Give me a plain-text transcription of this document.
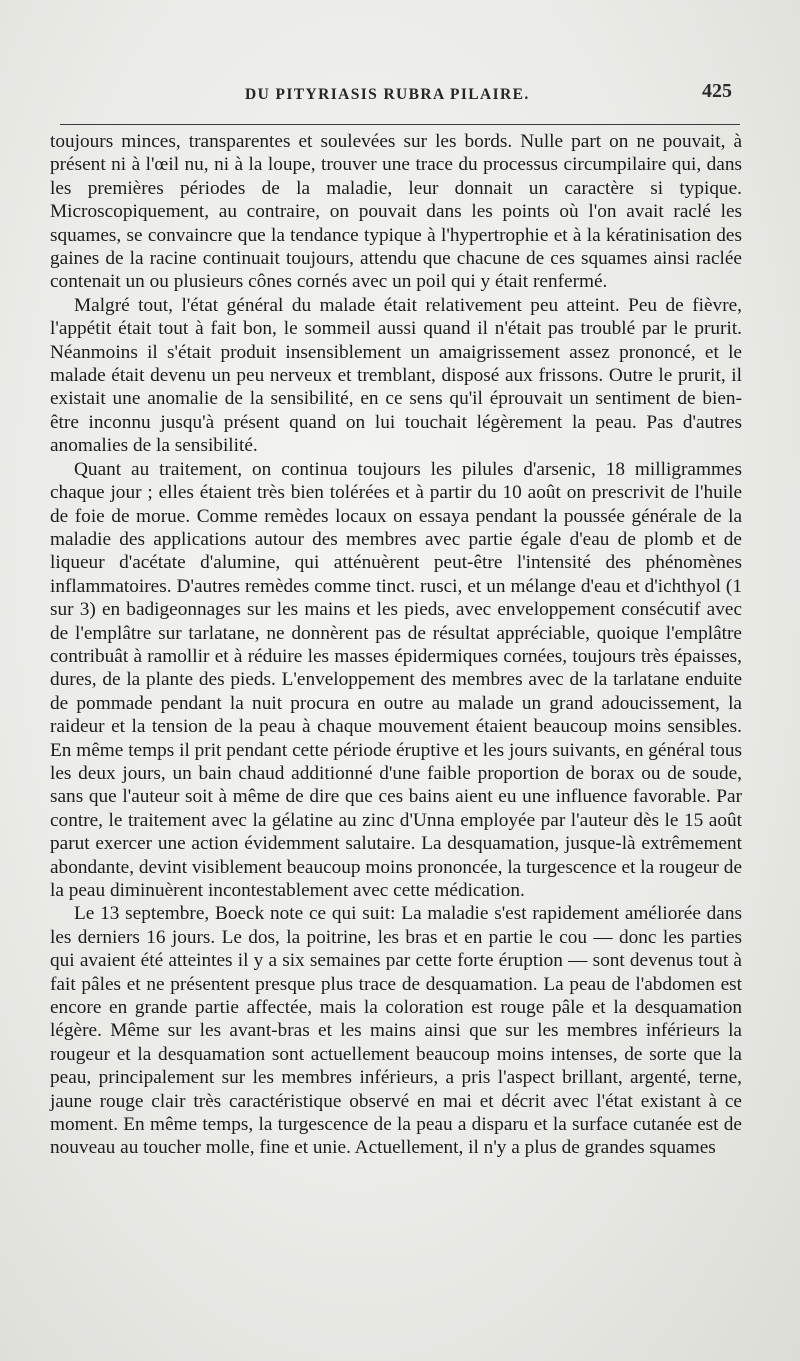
DU PITYRIASIS RUBRA PILAIRE.	425

toujours minces, transparentes et soulevées sur les bords. Nulle part on ne pouvait, à présent ni à l'œil nu, ni à la loupe, trouver une trace du processus circumpilaire qui, dans les premières périodes de la maladie, leur donnait un caractère si typique. Microscopiquement, au contraire, on pouvait dans les points où l'on avait raclé les squames, se convaincre que la tendance typique à l'hypertrophie et à la kératinisation des gaines de la racine continuait toujours, attendu que chacune de ces squames ainsi raclée contenait un ou plusieurs cônes cornés avec un poil qui y était renfermé.

Malgré tout, l'état général du malade était relativement peu atteint. Peu de fièvre, l'appétit était tout à fait bon, le sommeil aussi quand il n'était pas troublé par le prurit. Néanmoins il s'était produit insensiblement un amaigrissement assez prononcé, et le malade était devenu un peu nerveux et tremblant, disposé aux frissons. Outre le prurit, il existait une anomalie de la sensibilité, en ce sens qu'il éprouvait un sentiment de bien-être inconnu jusqu'à présent quand on lui touchait légèrement la peau. Pas d'autres anomalies de la sensibilité.

Quant au traitement, on continua toujours les pilules d'arsenic, 18 milligrammes chaque jour ; elles étaient très bien tolérées et à partir du 10 août on prescrivit de l'huile de foie de morue. Comme remèdes locaux on essaya pendant la poussée générale de la maladie des applications autour des membres avec partie égale d'eau de plomb et de liqueur d'acétate d'alumine, qui atténuèrent peut-être l'intensité des phénomènes inflammatoires. D'autres remèdes comme tinct. rusci, et un mélange d'eau et d'ichthyol (1 sur 3) en badigeonnages sur les mains et les pieds, avec enveloppement consécutif avec de l'emplâtre sur tarlatane, ne donnèrent pas de résultat appréciable, quoique l'emplâtre contribuât à ramollir et à réduire les masses épidermiques cornées, toujours très épaisses, dures, de la plante des pieds. L'enveloppement des membres avec de la tarlatane enduite de pommade pendant la nuit procura en outre au malade un grand adoucissement, la raideur et la tension de la peau à chaque mouvement étaient beaucoup moins sensibles. En même temps il prit pendant cette période éruptive et les jours suivants, en général tous les deux jours, un bain chaud additionné d'une faible proportion de borax ou de soude, sans que l'auteur soit à même de dire que ces bains aient eu une influence favorable. Par contre, le traitement avec la gélatine au zinc d'Unna employée par l'auteur dès le 15 août parut exercer une action évidemment salutaire. La desquamation, jusque-là extrêmement abondante, devint visiblement beaucoup moins prononcée, la turgescence et la rougeur de la peau diminuèrent incontestablement avec cette médication.

Le 13 septembre, Boeck note ce qui suit: La maladie s'est rapidement améliorée dans les derniers 16 jours. Le dos, la poitrine, les bras et en partie le cou — donc les parties qui avaient été atteintes il y a six semaines par cette forte éruption — sont devenus tout à fait pâles et ne présentent presque plus trace de desquamation. La peau de l'abdomen est encore en grande partie affectée, mais la coloration est rouge pâle et la desquamation légère. Même sur les avant-bras et les mains ainsi que sur les membres inférieurs la rougeur et la desquamation sont actuellement beaucoup moins intenses, de sorte que la peau, principalement sur les membres inférieurs, a pris l'aspect brillant, argenté, terne, jaune rouge clair très caractéristique observé en mai et décrit avec l'état existant à ce moment. En même temps, la turgescence de la peau a disparu et la surface cutanée est de nouveau au toucher molle, fine et unie. Actuellement, il n'y a plus de grandes squames
